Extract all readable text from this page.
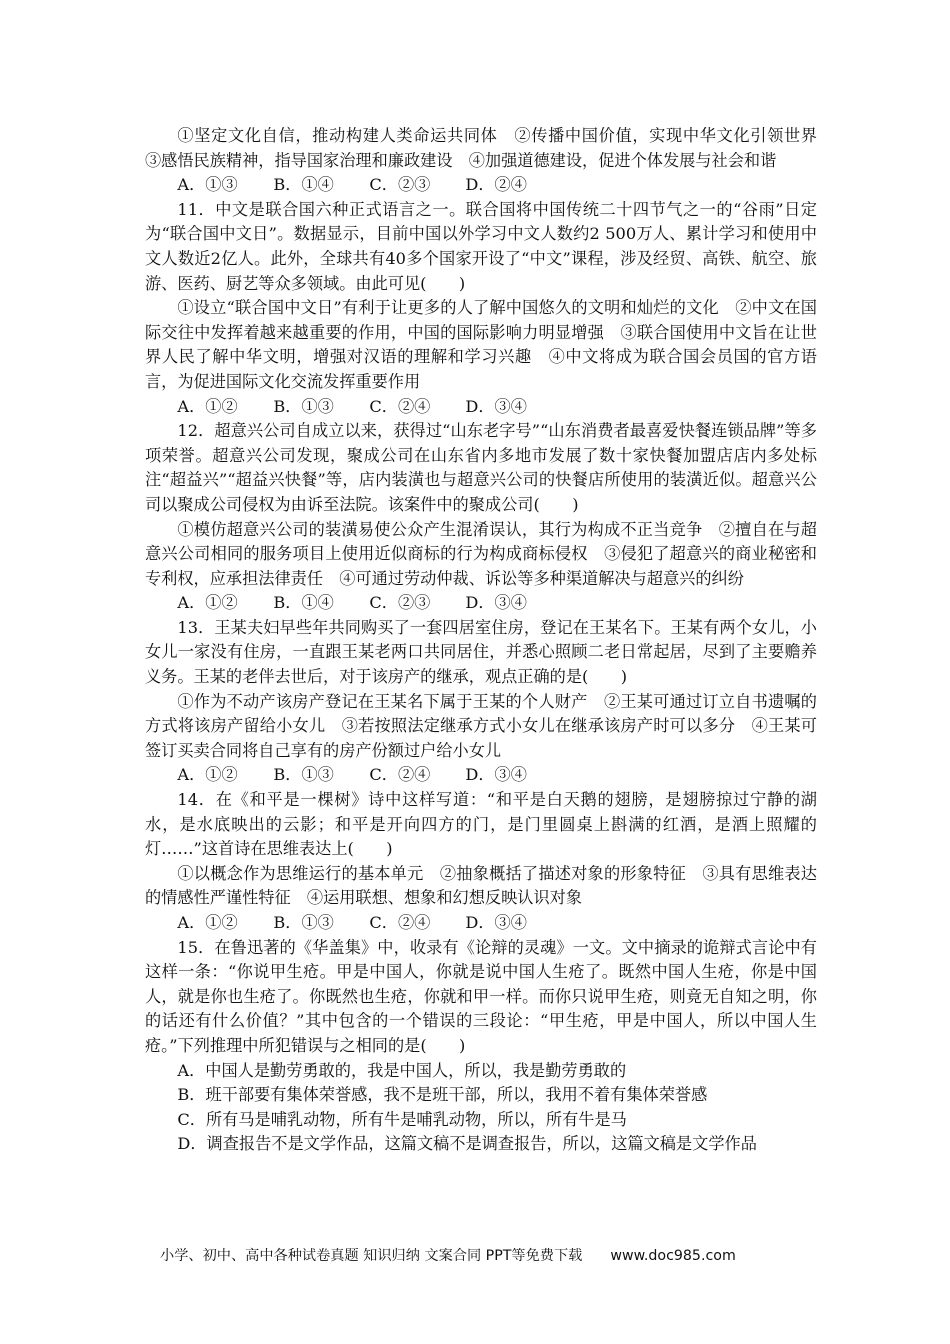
①坚定文化自信，推动构建人类命运共同体　②传播中国价值，实现中华文化引领世界　③感悟民族精神，指导国家治理和廉政建设　④加强道德建设，促进个体发展与社会和谐

A．①③ B．①④ C．②③ D．②④

11．中文是联合国六种正式语言之一。联合国将中国传统二十四节气之一的“谷雨”日定为“联合国中文日”。数据显示，目前中国以外学习中文人数约2 500万人、累计学习和使用中文人数近2亿人。此外，全球共有40多个国家开设了“中文”课程，涉及经贸、高铁、航空、旅游、医药、厨艺等众多领域。由此可见(　　)

①设立“联合国中文日”有利于让更多的人了解中国悠久的文明和灿烂的文化　②中文在国际交往中发挥着越来越重要的作用，中国的国际影响力明显增强　③联合国使用中文旨在让世界人民了解中华文明，增强对汉语的理解和学习兴趣　④中文将成为联合国会员国的官方语言，为促进国际文化交流发挥重要作用

A．①② B．①③ C．②④ D．③④

12．超意兴公司自成立以来，获得过“山东老字号”“山东消费者最喜爱快餐连锁品牌”等多项荣誉。超意兴公司发现，聚成公司在山东省内多地市发展了数十家快餐加盟店店内多处标注“超益兴”“超益兴快餐”等，店内装潢也与超意兴公司的快餐店所使用的装潢近似。超意兴公司以聚成公司侵权为由诉至法院。该案件中的聚成公司(　　)

①模仿超意兴公司的装潢易使公众产生混淆误认，其行为构成不正当竞争　②擅自在与超意兴公司相同的服务项目上使用近似商标的行为构成商标侵权　③侵犯了超意兴的商业秘密和专利权，应承担法律责任　④可通过劳动仲裁、诉讼等多种渠道解决与超意兴的纠纷

A．①② B．①④ C．②③ D．③④

13．王某夫妇早些年共同购买了一套四居室住房，登记在王某名下。王某有两个女儿，小女儿一家没有住房，一直跟王某老两口共同居住，并悉心照顾二老日常起居，尽到了主要赡养义务。王某的老伴去世后，对于该房产的继承，观点正确的是(　　)

①作为不动产该房产登记在王某名下属于王某的个人财产　②王某可通过订立自书遗嘱的方式将该房产留给小女儿　③若按照法定继承方式小女儿在继承该房产时可以多分　④王某可签订买卖合同将自己享有的房产份额过户给小女儿

A．①② B．①③ C．②④ D．③④

14．在《和平是一棵树》诗中这样写道：“和平是白天鹅的翅膀，是翅膀掠过宁静的湖水，是水底映出的云影；和平是开向四方的门，是门里圆桌上斟满的红酒，是酒上照耀的灯……”这首诗在思维表达上(　　)

①以概念作为思维运行的基本单元　②抽象概括了描述对象的形象特征　③具有思维表达的情感性严谨性特征　④运用联想、想象和幻想反映认识对象

A．①② B．①③ C．②④ D．③④

15．在鲁迅著的《华盖集》中，收录有《论辩的灵魂》一文。文中摘录的诡辩式言论中有这样一条：“你说甲生疮。甲是中国人，你就是说中国人生疮了。既然中国人生疮，你是中国人，就是你也生疮了。你既然也生疮，你就和甲一样。而你只说甲生疮，则竟无自知之明，你的话还有什么价值？”其中包含的一个错误的三段论：“甲生疮，甲是中国人，所以中国人生疮。”下列推理中所犯错误与之相同的是(　　)

A．中国人是勤劳勇敢的，我是中国人，所以，我是勤劳勇敢的

B．班干部要有集体荣誉感，我不是班干部，所以，我用不着有集体荣誉感

C．所有马是哺乳动物，所有牛是哺乳动物，所以，所有牛是马

D．调查报告不是文学作品，这篇文稿不是调查报告，所以，这篇文稿是文学作品

小学、初中、高中各种试卷真题 知识归纳 文案合同 PPT等免费下载 www.doc985.com
